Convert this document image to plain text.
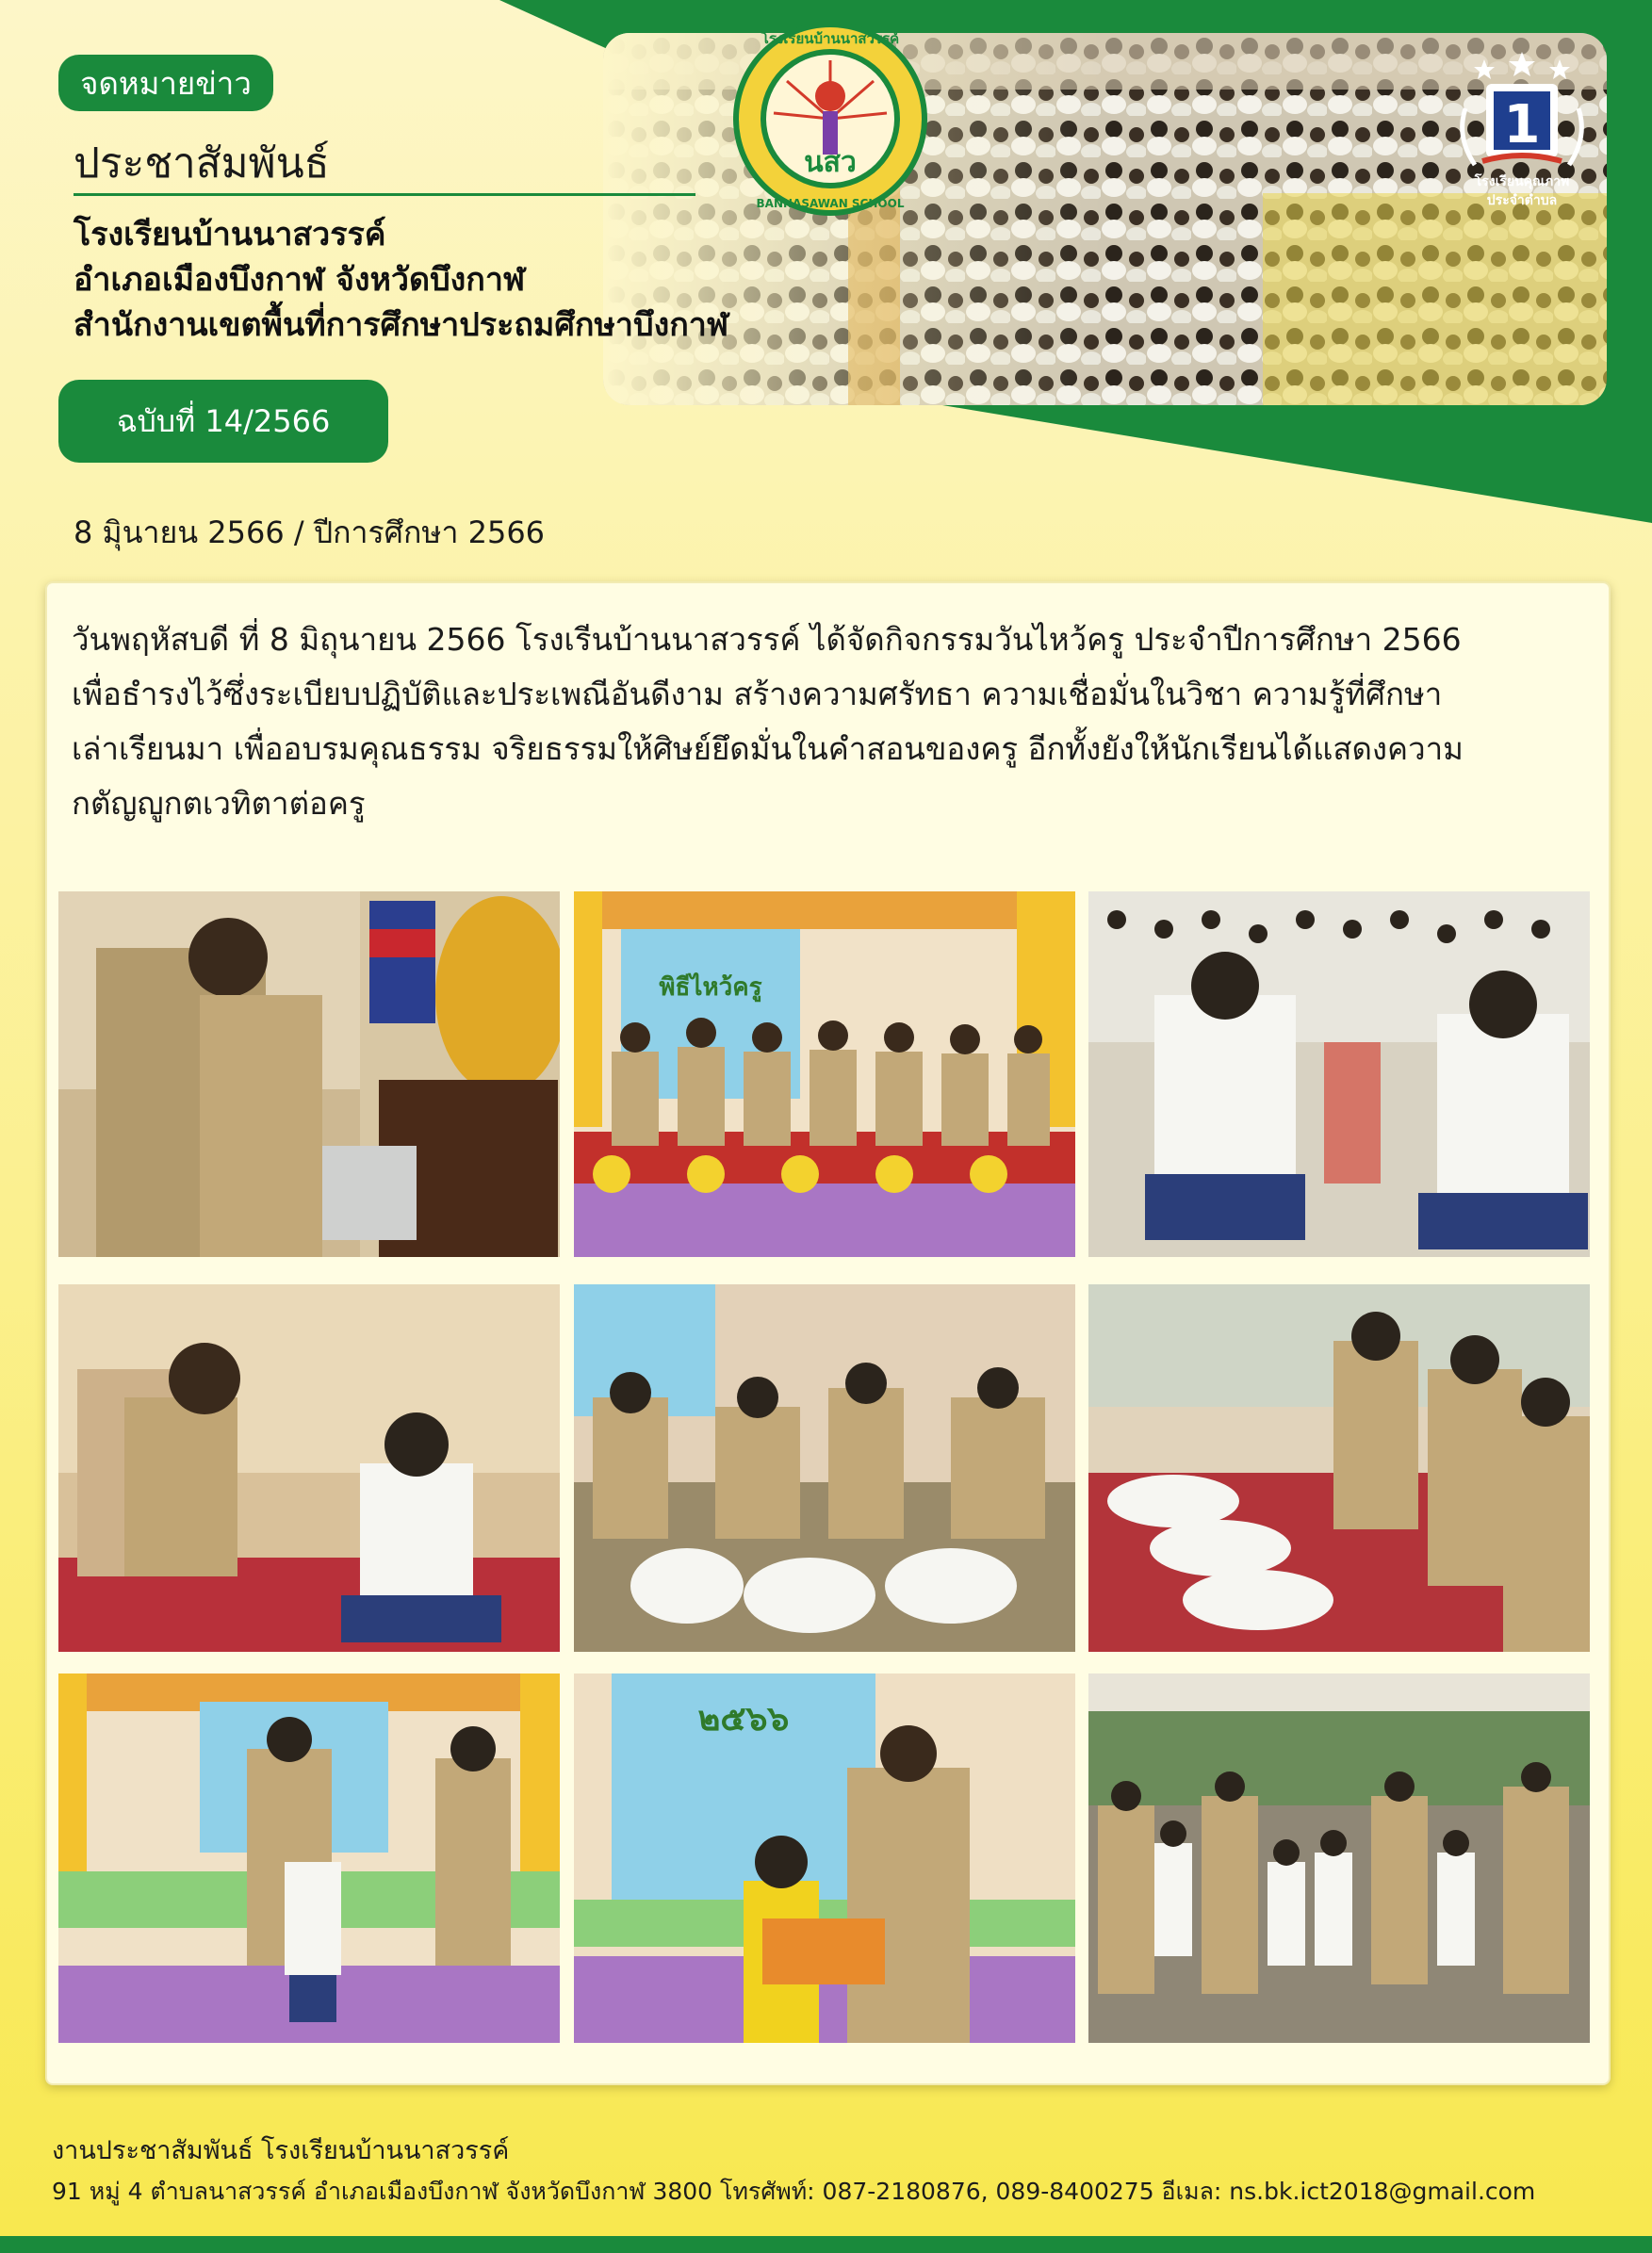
นสว
โรงเรียนบ้านนาสวรรค์
BANNASAWAN SCHOOL
1
โรงเรียนคุณภาพ
ประจำตำบล
จดหมายข่าว
ประชาสัมพันธ์
โรงเรียนบ้านนาสวรรค์
อำเภอเมืองบึงกาฬ จังหวัดบึงกาฬ
สำนักงานเขตพื้นที่การศึกษาประถมศึกษาบึงกาฬ
ฉบับที่ 14/2566
8 มิุนายน 2566 / ปีการศึกษา 2566
วันพฤหัสบดี ที่ 8 มิถุนายน 2566 โรงเรีนบ้านนาสวรรค์ ได้จัดกิจกรรมวันไหว้ครู ประจำปีการศึกษา 2566
เพื่อธำรงไว้ซึ่งระเบียบปฏิบัติและประเพณีอันดีงาม สร้างความศรัทธา ความเชื่อมั่นในวิชา ความรู้ที่ศึกษา
เล่าเรียนมา เพื่ออบรมคุณธรรม จริยธรรมให้ศิษย์ยึดมั่นในคำสอนของครู อีกทั้งยังให้นักเรียนได้แสดงความ
กตัญญูกตเวทิตาต่อครู
พิธีไหว้ครู
๒๕๖๖
งานประชาสัมพันธ์ โรงเรียนบ้านนาสวรรค์
91 หมู่ 4 ตำบลนาสวรรค์ อำเภอเมืองบึงกาฬ จังหวัดบึงกาฬ 3800 โทรศัพท์: 087-2180876, 089-8400275 อีเมล: ns.bk.ict2018@gmail.com
